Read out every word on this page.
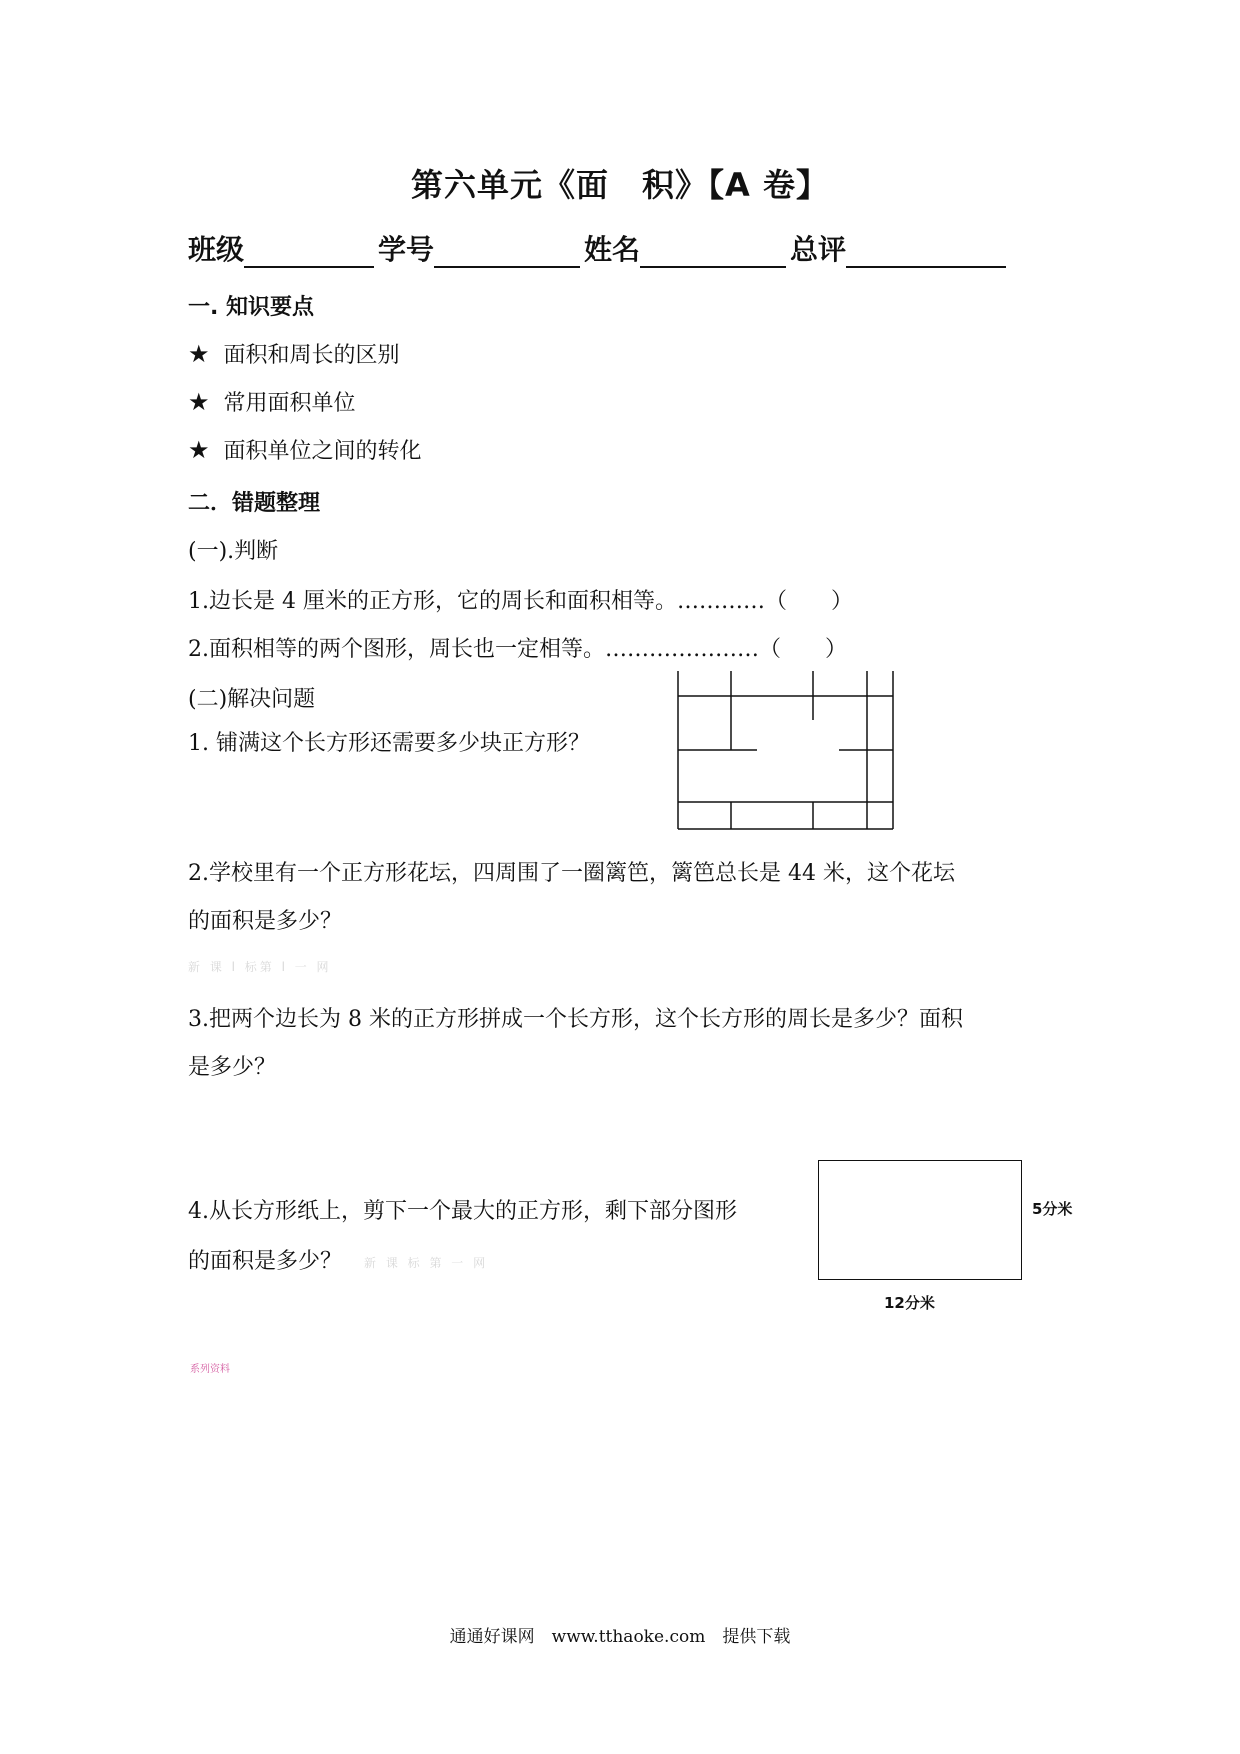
第六单元《面　积》【A 卷】
班级	学号	姓名	总评
一. 知识要点
★ 面积和周长的区别
★ 常用面积单位
★ 面积单位之间的转化
二．错题整理
(一).判断
1.边长是 4 厘米的正方形，它的周长和面积相等。…………（　　）
2.面积相等的两个图形，周长也一定相等。…………………（　　）
(二)解决问题
1. 铺满这个长方形还需要多少块正方形？
2.学校里有一个正方形花坛，四周围了一圈篱笆，篱笆总长是 44 米，这个花坛
的面积是多少？
新 课 l 标第 l 一 网
3.把两个边长为 8 米的正方形拼成一个长方形，这个长方形的周长是多少？面积
是多少？
4.从长方形纸上，剪下一个最大的正方形，剩下部分图形
的面积是多少？ 新 课 标 第 一 网
5分米
12分米
系列资料
通通好课网　www.tthaoke.com　提供下载
